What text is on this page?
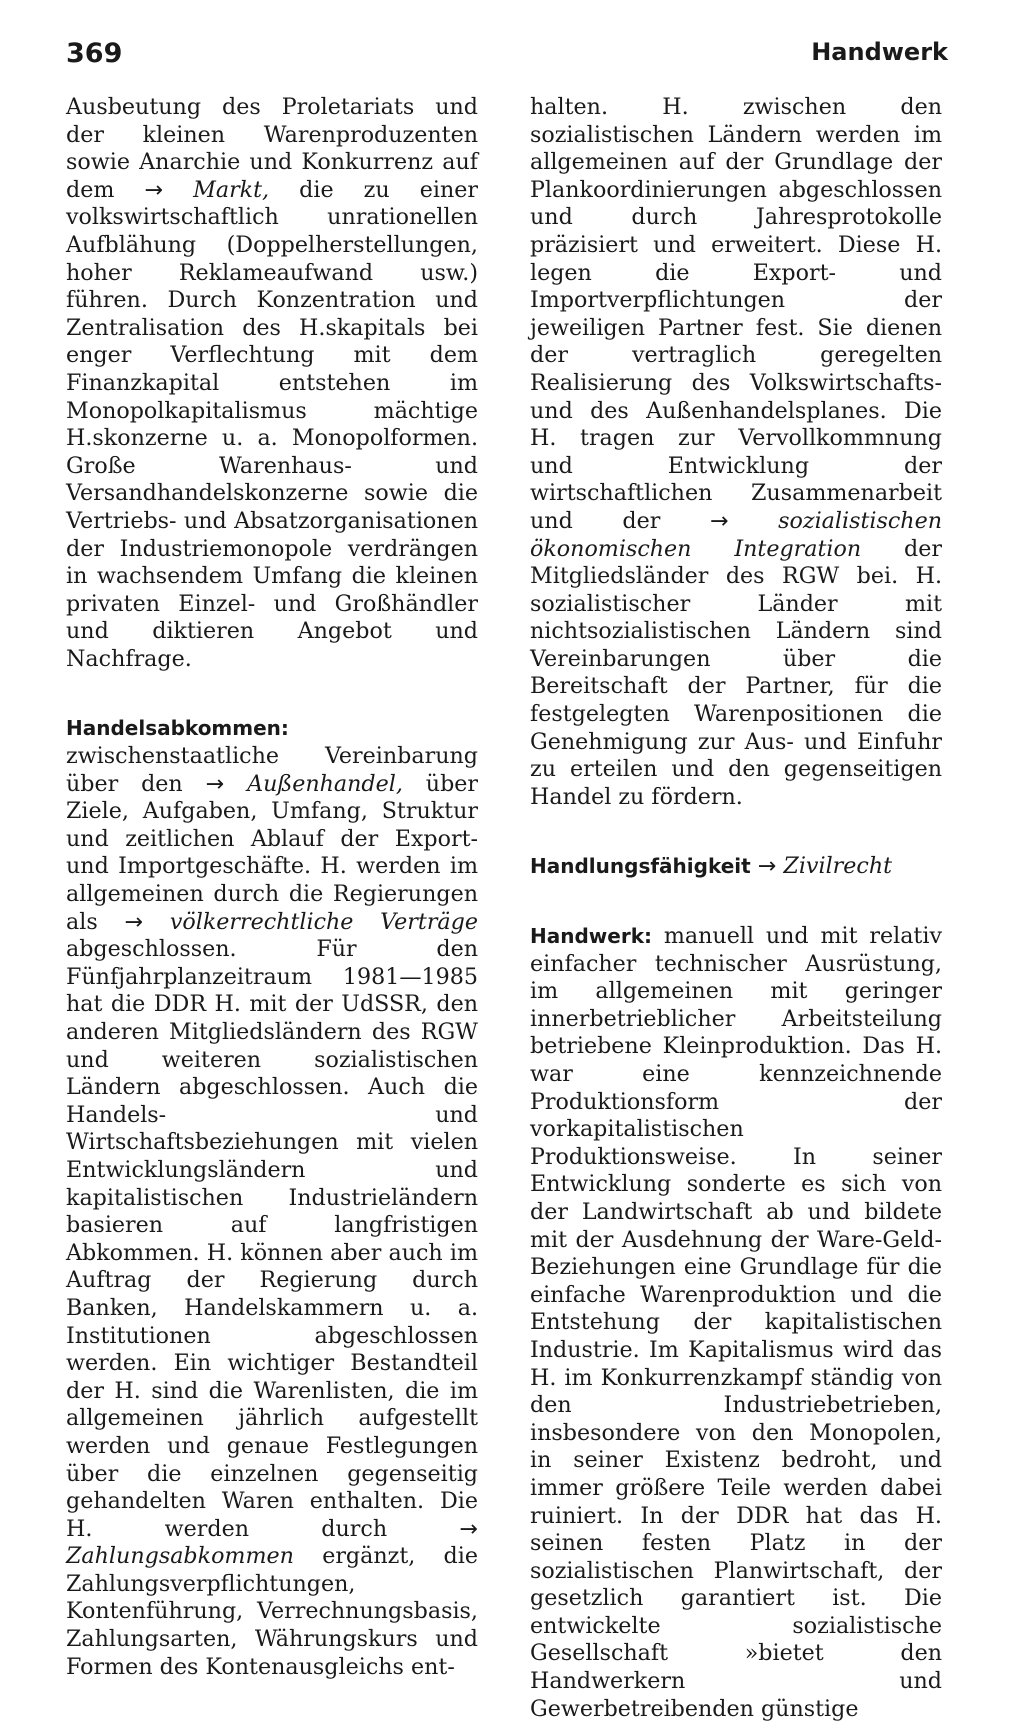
369	Handwerk

Ausbeutung des Proletariats und der kleinen Warenproduzenten sowie Anarchie und Konkurrenz auf dem → Markt, die zu einer volkswirtschaftlich unrationellen Aufblähung (Doppelherstellungen, hoher Reklameaufwand usw.) führen. Durch Konzentration und Zentralisation des H.skapitals bei enger Verflechtung mit dem Finanzkapital entstehen im Monopolkapitalismus mächtige H.skonzerne u. a. Monopolformen. Große Warenhaus- und Versandhandelskonzerne sowie die Vertriebs- und Absatzorganisationen der Industriemonopole verdrängen in wachsendem Umfang die kleinen privaten Einzel- und Großhändler und diktieren Angebot und Nachfrage.

Handelsabkommen: zwischenstaatliche Vereinbarung über den → Außenhandel, über Ziele, Aufgaben, Umfang, Struktur und zeitlichen Ablauf der Export- und Importgeschäfte. H. werden im allgemeinen durch die Regierungen als → völkerrechtliche Verträge abgeschlossen. Für den Fünfjahrplanzeitraum 1981—1985 hat die DDR H. mit der UdSSR, den anderen Mitgliedsländern des RGW und weiteren sozialistischen Ländern abgeschlossen. Auch die Handels- und Wirtschaftsbeziehungen mit vielen Entwicklungsländern und kapitalistischen Industrieländern basieren auf langfristigen Abkommen. H. können aber auch im Auftrag der Regierung durch Banken, Handelskammern u. a. Institutionen abgeschlossen werden. Ein wichtiger Bestandteil der H. sind die Warenlisten, die im allgemeinen jährlich aufgestellt werden und genaue Festlegungen über die einzelnen gegenseitig gehandelten Waren enthalten. Die H. werden durch	→ Zahlungsabkommen ergänzt, die Zahlungsverpflichtungen, Kontenführung, Verrechnungsbasis, Zahlungsarten, Währungskurs und Formen des Kontenausgleichs ent-

halten. H. zwischen den sozialistischen Ländern werden im allgemeinen auf der Grundlage der Plankoordinierungen abgeschlossen und durch Jahresprotokolle präzisiert und erweitert. Diese H. legen die Export- und Importverpflichtungen der jeweiligen Partner fest. Sie dienen der vertraglich geregelten Realisierung des Volkswirtschafts- und des Außenhandelsplanes. Die H. tragen zur Vervollkommnung und Entwicklung der wirtschaftlichen Zusammenarbeit und der → sozialistischen ökonomischen Integration der Mitgliedsländer des RGW bei. H. sozialistischer Länder mit nichtsozialistischen Ländern sind Vereinbarungen über die Bereitschaft der Partner, für die festgelegten Warenpositionen die Genehmigung zur Aus- und Einfuhr zu erteilen und den gegenseitigen Handel zu fördern.

Handlungsfähigkeit → Zivilrecht

Handwerk: manuell und mit relativ einfacher technischer Ausrüstung, im allgemeinen mit geringer innerbetrieblicher Arbeitsteilung betriebene Kleinproduktion. Das H. war eine kennzeichnende Produktionsform der vorkapitalistischen Produktionsweise. In seiner Entwicklung sonderte es sich von der Landwirtschaft ab und bildete mit der Ausdehnung der Ware-Geld-Beziehungen eine Grundlage für die einfache Warenproduktion und die Entstehung der kapitalistischen Industrie. Im Kapitalismus wird das H. im Konkurrenzkampf ständig von den Industriebetrieben, insbesondere von den Monopolen, in seiner Existenz bedroht, und immer größere Teile werden dabei ruiniert. In der DDR hat das H. seinen festen Platz in der sozialistischen Planwirtschaft, der gesetzlich garantiert ist. Die entwickelte sozialistische Gesellschaft »bietet den Handwerkern und Gewerbetreibenden günstige
